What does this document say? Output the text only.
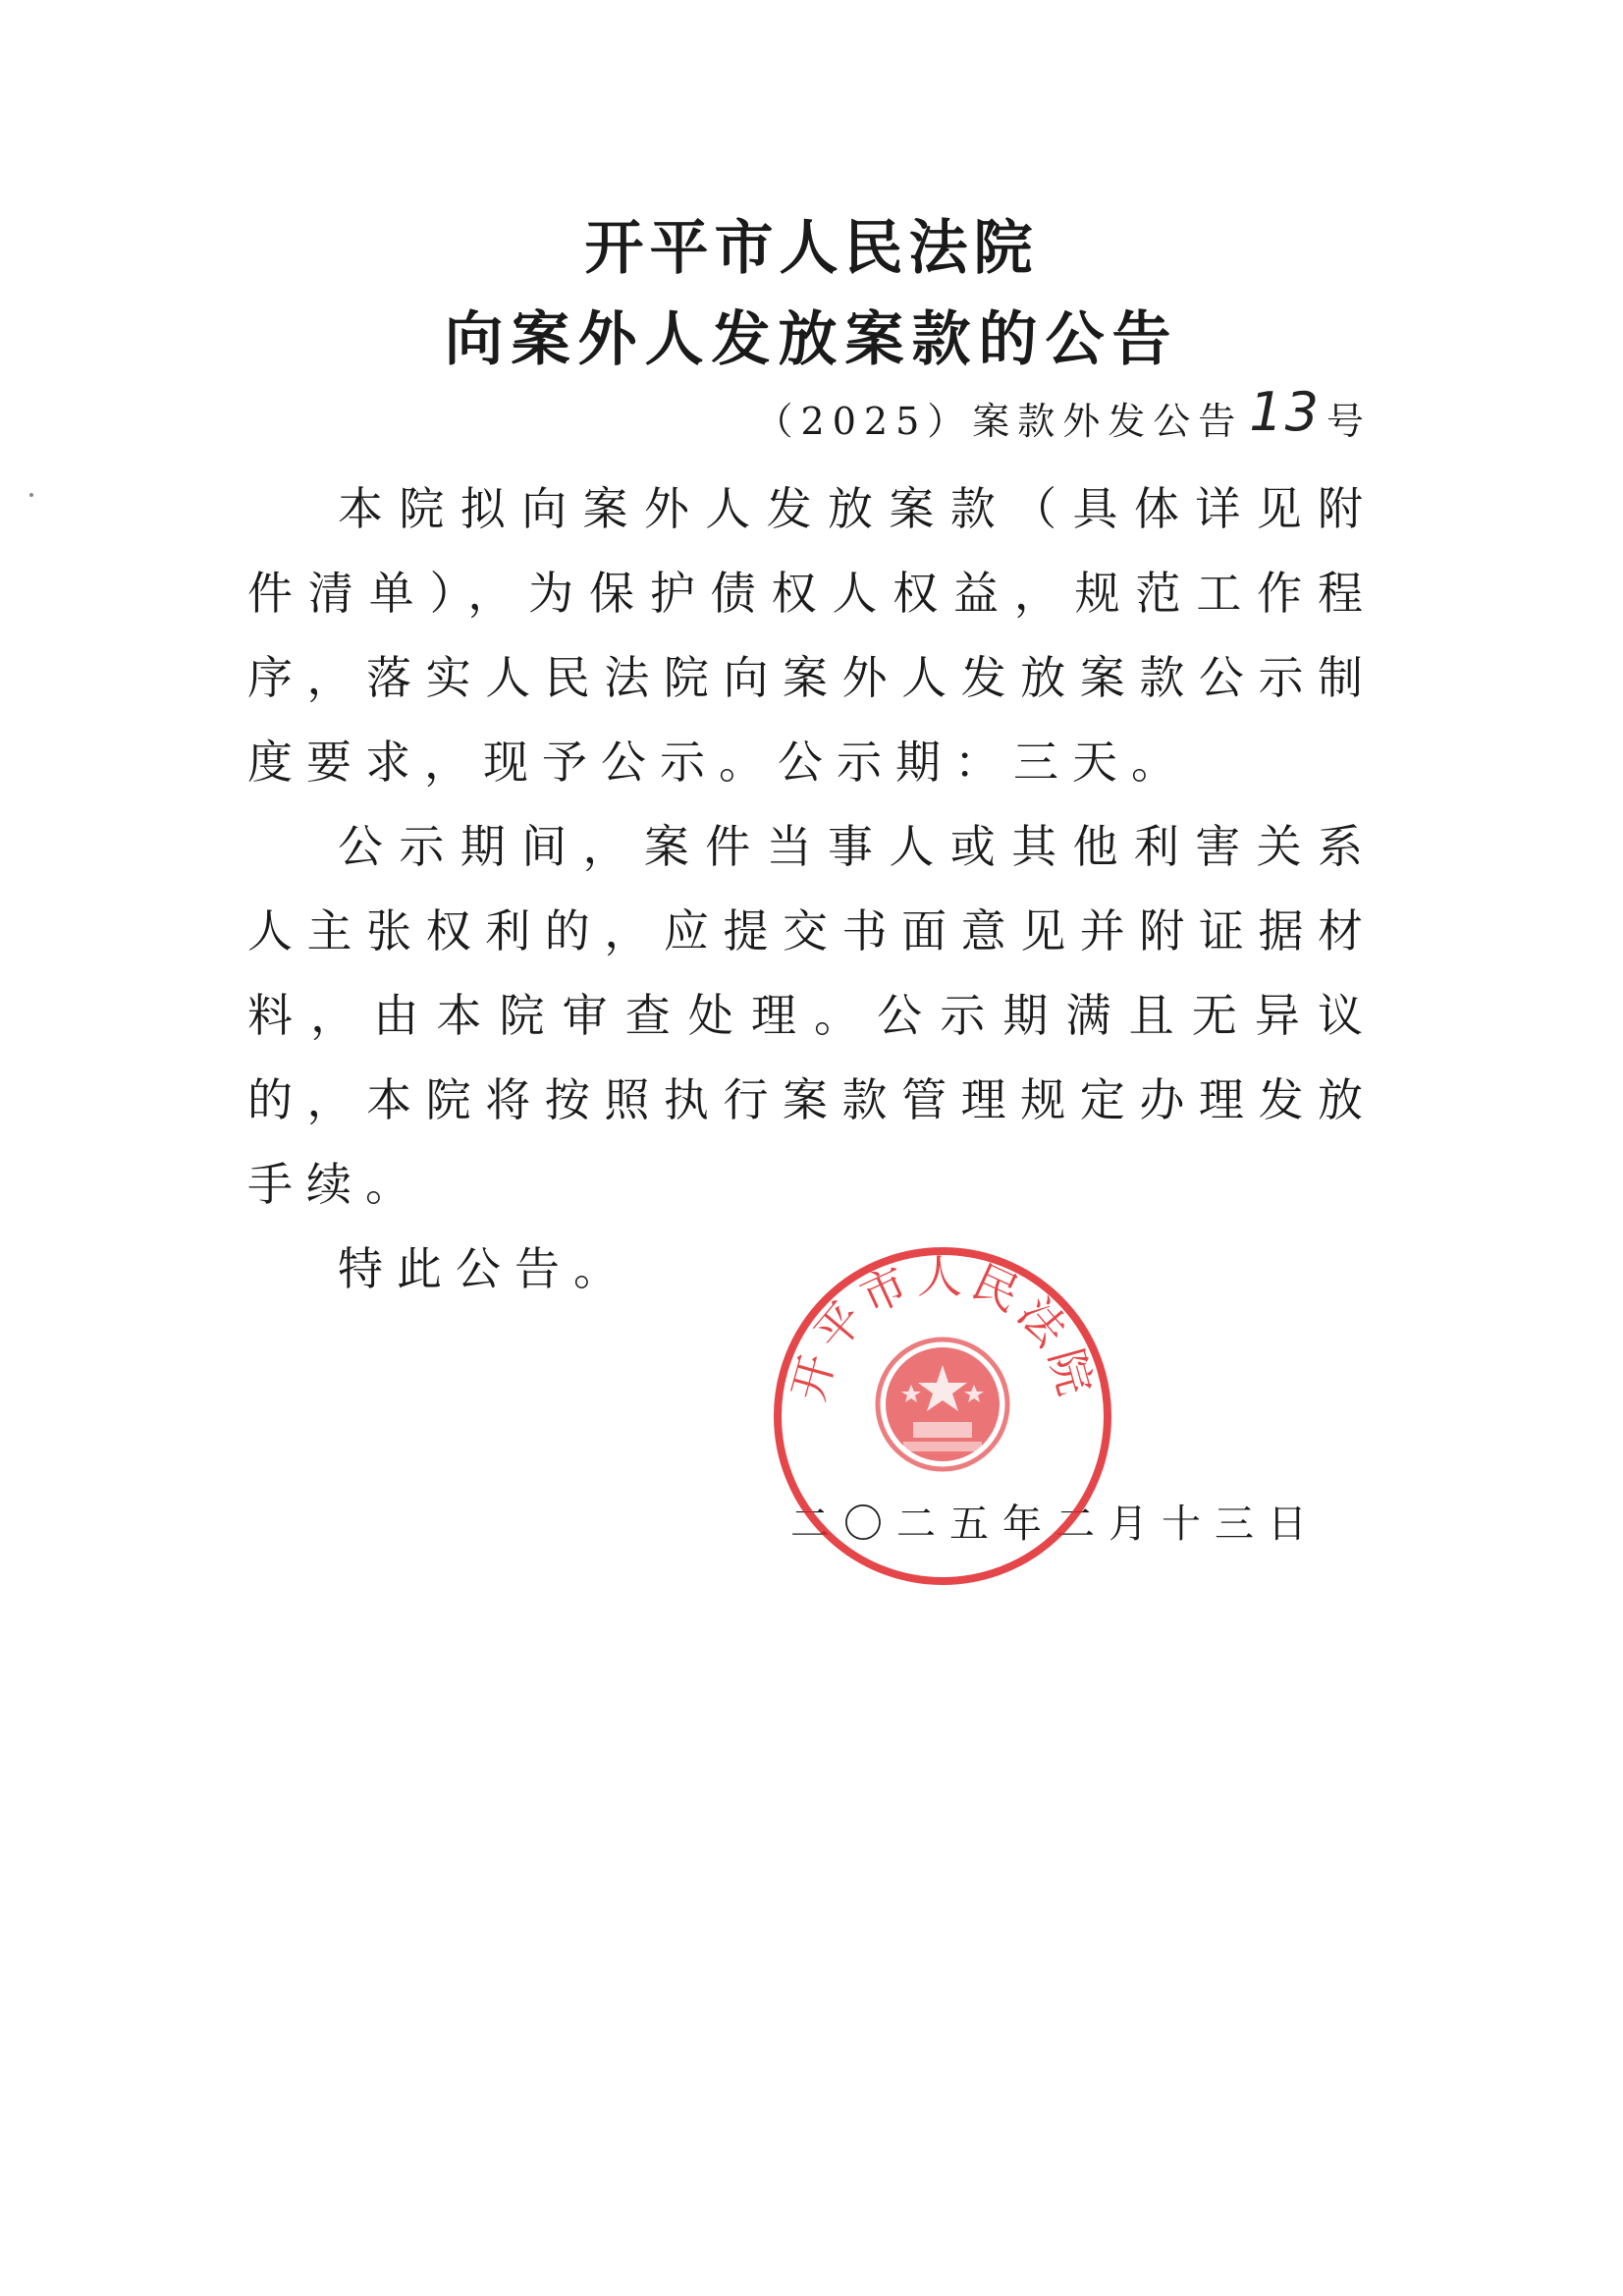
开平市人民法院
向案外人发放案款的公告
（2025）案款外发公告 13 号

本院拟向案外人发放案款（具体详见附件清单），为保护债权人权益，规范工作程序，落实人民法院向案外人发放案款公示制度要求，现予公示。公示期：三天。

公示期间，案件当事人或其他利害关系人主张权利的，应提交书面意见并附证据材料，由本院审查处理。公示期满且无异议的，本院将按照执行案款管理规定办理发放手续。

特此公告。

二〇二五年二月十三日
开平市人民法院
